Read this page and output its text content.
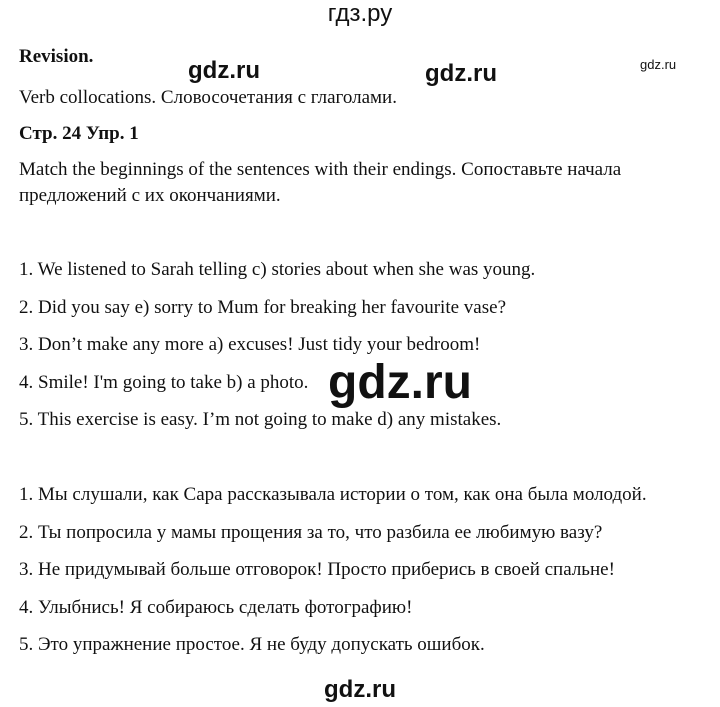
гдз.ру
Revision.
Verb collocations. Словосочетания с глаголами.
Стр. 24 Упр. 1
Match the beginnings of the sentences with their endings. Сопоставьте начала
предложений с их окончаниями.
1. We listened to Sarah telling c) stories about when she was young.
2. Did you say e) sorry to Mum for breaking her favourite vase?
3. Don’t make any more a) excuses! Just tidy your bedroom!
4. Smile! I'm going to take b) a photo.
5. This exercise is easy. I’m not going to make d) any mistakes.
1. Мы слушали, как Сара рассказывала истории о том, как она была молодой.
2. Ты попросила у мамы прощения за то, что разбила ее любимую вазу?
3. Не придумывай больше отговорок! Просто приберись в своей спальне!
4. Улыбнись! Я собираюсь сделать фотографию!
5. Это упражнение простое. Я не буду допускать ошибок.
gdz.ru	gdz.ru	gdz.ru
gdz.ru
gdz.ru
